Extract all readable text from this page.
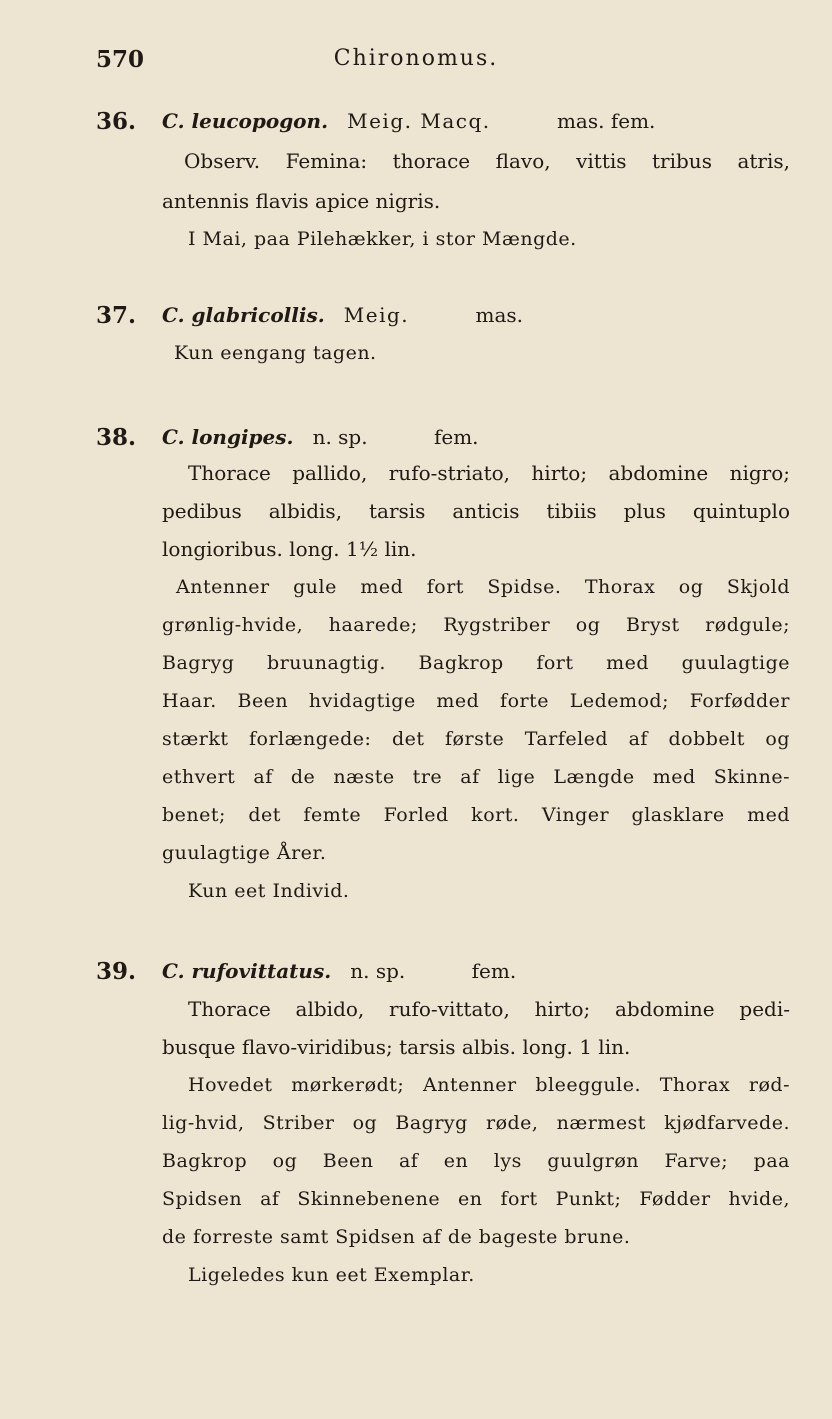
570	Chironomus.
36. C. leucopogon. Meig. Macq.	mas. fem.
Observ. Femina: thorace flavo, vittis tribus atris,
antennis flavis apice nigris.
I Mai, paa Pilehækker, i stor Mængde.
37. C. glabricollis. Meig.	mas.
Kun eengang tagen.
38. C. longipes. n. sp.	fem.
Thorace pallido, rufo-striato, hirto; abdomine nigro;
pedibus albidis, tarsis anticis tibiis plus quintuplo
longioribus. long. 1½ lin.
Antenner gule med fort Spidse. Thorax og Skjold
grønlig-hvide, haarede; Rygstriber og Bryst rødgule;
Bagryg bruunagtig. Bagkrop fort med guulagtige
Haar. Been hvidagtige med forte Ledemod; Forfødder
stærkt forlængede: det første Tarfeled af dobbelt og
ethvert af de næste tre af lige Længde med Skinne-
benet; det femte Forled kort. Vinger glasklare med
guulagtige Årer.
Kun eet Individ.
39. C. rufovittatus. n. sp.	fem.
Thorace albido, rufo-vittato, hirto; abdomine pedi-
busque flavo-viridibus; tarsis albis. long. 1 lin.
Hovedet mørkerødt; Antenner bleeggule. Thorax rød-
lig-hvid, Striber og Bagryg røde, nærmest kjødfarvede.
Bagkrop og Been af en lys guulgrøn Farve; paa
Spidsen af Skinnebenene en fort Punkt; Fødder hvide,
de forreste samt Spidsen af de bageste brune.
Ligeledes kun eet Exemplar.
